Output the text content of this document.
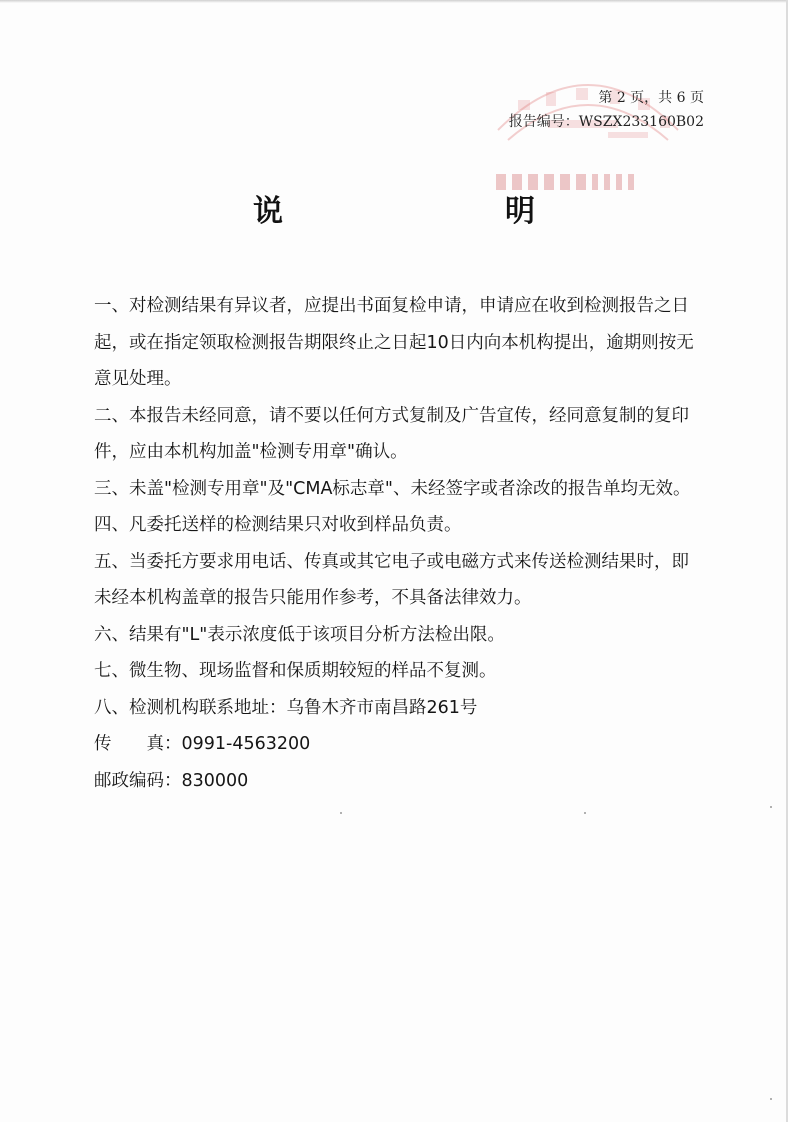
第 2 页，共 6 页
报告编号：WSZX233160B02
说　明
一、对检测结果有异议者，应提出书面复检申请，申请应在收到检测报告之日起，或在指定领取检测报告期限终止之日起10日内向本机构提出，逾期则按无意见处理。
二、本报告未经同意，请不要以任何方式复制及广告宣传，经同意复制的复印件，应由本机构加盖"检测专用章"确认。
三、未盖"检测专用章"及"CMA标志章"、未经签字或者涂改的报告单均无效。
四、凡委托送样的检测结果只对收到样品负责。
五、当委托方要求用电话、传真或其它电子或电磁方式来传送检测结果时，即未经本机构盖章的报告只能用作参考，不具备法律效力。
六、结果有"L"表示浓度低于该项目分析方法检出限。
七、微生物、现场监督和保质期较短的样品不复测。
八、检测机构联系地址：乌鲁木齐市南昌路261号
传　　真：0991-4563200
邮政编码：830000
